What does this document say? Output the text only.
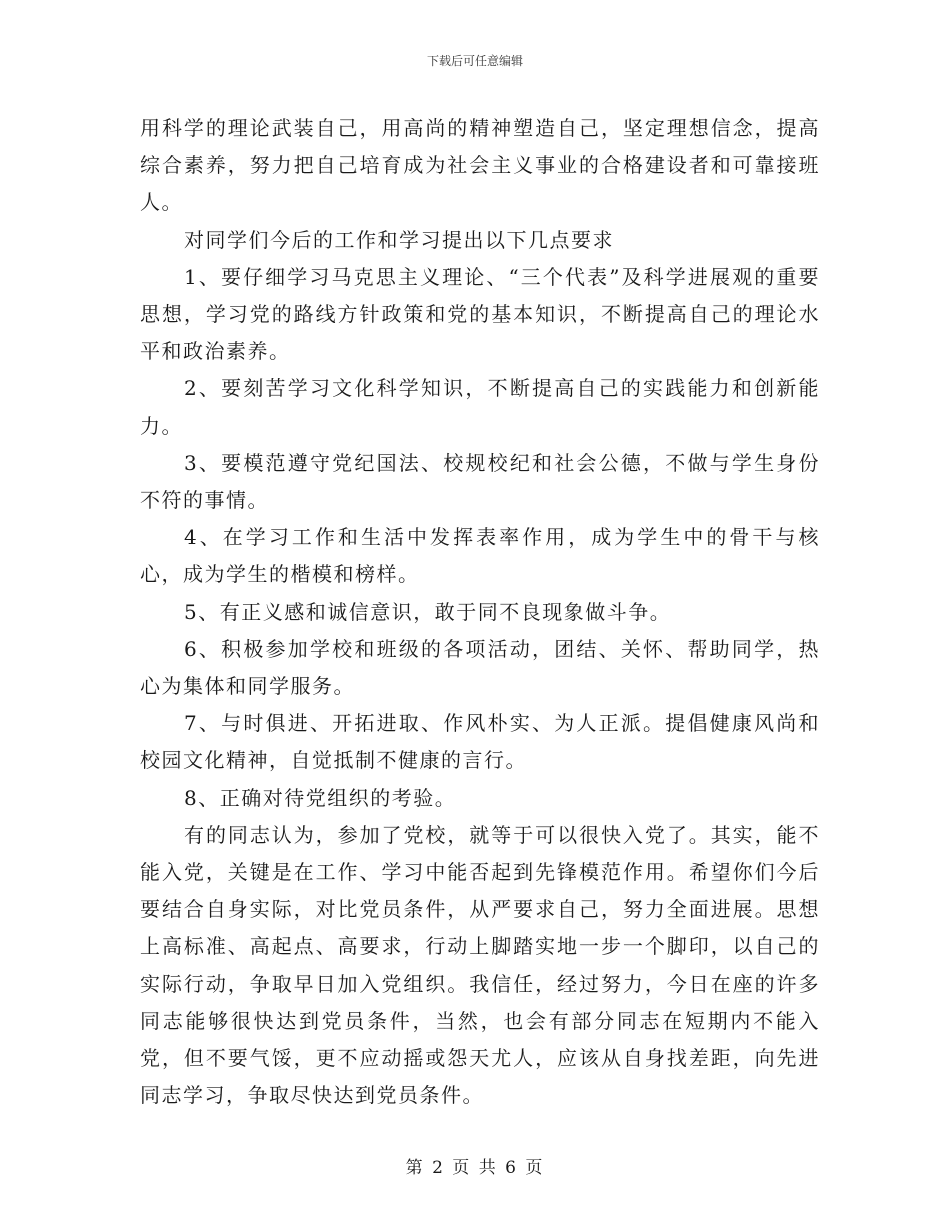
下载后可任意编辑

用科学的理论武装自己，用高尚的精神塑造自己，坚定理想信念，提高综合素养，努力把自己培育成为社会主义事业的合格建设者和可靠接班人。

对同学们今后的工作和学习提出以下几点要求

1、要仔细学习马克思主义理论、“三个代表”及科学进展观的重要思想，学习党的路线方针政策和党的基本知识，不断提高自己的理论水平和政治素养。

2、要刻苦学习文化科学知识，不断提高自己的实践能力和创新能力。

3、要模范遵守党纪国法、校规校纪和社会公德，不做与学生身份不符的事情。

4、在学习工作和生活中发挥表率作用，成为学生中的骨干与核心，成为学生的楷模和榜样。

5、有正义感和诚信意识，敢于同不良现象做斗争。

6、积极参加学校和班级的各项活动，团结、关怀、帮助同学，热心为集体和同学服务。

7、与时俱进、开拓进取、作风朴实、为人正派。提倡健康风尚和校园文化精神，自觉抵制不健康的言行。

8、正确对待党组织的考验。

有的同志认为，参加了党校，就等于可以很快入党了。其实，能不能入党，关键是在工作、学习中能否起到先锋模范作用。希望你们今后要结合自身实际，对比党员条件，从严要求自己，努力全面进展。思想上高标准、高起点、高要求，行动上脚踏实地一步一个脚印，以自己的实际行动，争取早日加入党组织。我信任，经过努力，今日在座的许多同志能够很快达到党员条件，当然，也会有部分同志在短期内不能入党，但不要气馁，更不应动摇或怨天尤人，应该从自身找差距，向先进同志学习，争取尽快达到党员条件。

第 2 页 共 6 页
